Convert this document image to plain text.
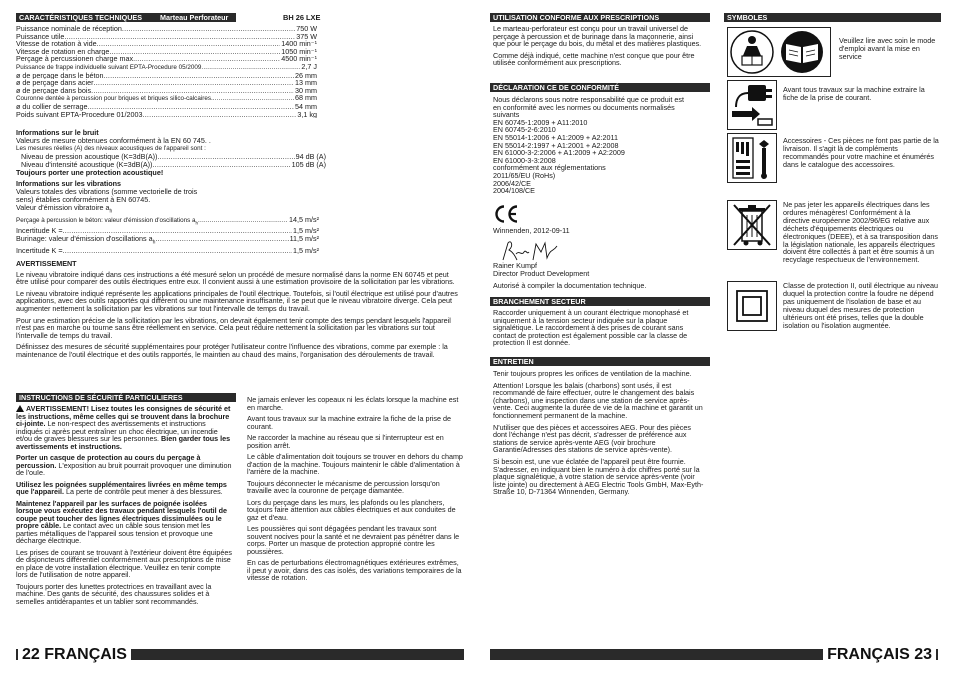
CARACTÉRISTIQUES TECHNIQUES	Marteau Perforateur	BH 26 LXE
Puissance nominale de réception .....	750 W
Puissance utile .....	375 W
Vitesse de rotation à vide .....	1400 min⁻¹
Vitesse de rotation en charge .....	1050 min⁻¹
Perçage à percussionen charge max. .....	4500 min⁻¹
Puissance de frappe individuelle suivant EPTA-Procedure 05/2009 .....	2,7 J
ø de perçage dans le béton .....	26 mm
ø de perçage dans acier .....	13 mm
ø de perçage dans bois .....	30 mm
Couronne dentée à percussion pour briques et briques silico-calcaires. .....	68 mm
ø du collier de serrage .....	54 mm
Poids suivant EPTA-Procedure 01/2003 .....	3,1 kg
Informations sur le bruit
Valeurs de mesure obtenues conformément à la EN 60 745. .
Les mesures réelles (A) des niveaux acoustiques de l'appareil sont :
Niveau de pression acoustique (K=3dB(A)) .....	94 dB (A)
Niveau d'intensité acoustique (K=3dB(A)) .....	105 dB (A)
Toujours porter une protection acoustique!
Informations sur les vibrations
Valeurs totales des vibrations (somme vectorielle de trois
sens) établies conformément à EN 60745.
Valeur d'émission vibratoire $a_h$
Perçage à percussion le béton: valeur d'émission d'oscillations $a_h$ .....	14,5 m/s²
Incertitude K = .....	1,5 m/s²
Burinage: valeur d'émission d'oscillations $a_h$ .....	11,5 m/s²
Incertitude K = .....	1,5 m/s²
AVERTISSEMENT

Le niveau vibratoire indiqué dans ces instructions a été mesuré selon un procédé de mesure normalisé dans la norme EN 60745 et peut être utilisé pour comparer des outils électriques entre eux. Il convient aussi à une estimation provisoire de la sollicitation par les vibrations.

Le niveau vibratoire indiqué représente les applications principales de l'outil électrique. Toutefois, si l'outil électrique est utilisé pour d'autres applications, avec des outils rapportés qui diffèrent ou une maintenance insuffisante, il se peut que le niveau vibratoire diverge. Cela peut augmenter nettement la sollicitation par les vibrations sur tout l'intervalle de temps du travail.

Pour une estimation précise de la sollicitation par les vibrations, on devrait également tenir compte des temps pendant lesquels l'appareil n'est pas en marche ou tourne sans être réellement en service. Cela peut réduire nettement la sollicitation par les vibrations sur tout l'intervalle de temps du travail.

Définissez des mesures de sécurité supplémentaires pour protéger l'utilisateur contre l'influence des vibrations, comme par exemple : la maintenance de l'outil électrique et des outils rapportés, le maintien au chaud des mains, l'organisation des déroulements de travail.

INSTRUCTIONS DE SÉCURITÉ PARTICULIERES

AVERTISSEMENT! Lisez toutes les consignes de sécurité et les instructions, même celles qui se trouvent dans la brochure ci-jointe. Le non-respect des avertissements et instructions indiqués ci après peut entraîner un choc électrique, un incendie et/ou de graves blessures sur les personnes. Bien garder tous les avertissements et instructions.

Porter un casque de protection au cours du perçage à percussion. L'exposition au bruit pourrait provoquer une diminution de l'ouïe.

Utilisez les poignées supplémentaires livrées en même temps que l'appareil. La perte de contrôle peut mener à des blessures.

Maintenez l'appareil par les surfaces de poignée isolées lorsque vous exécutez des travaux pendant lesquels l'outil de coupe peut toucher des lignes électriques dissimulées ou le propre câble. Le contact avec un câble sous tension met les parties métalliques de l'appareil sous tension et provoque une décharge électrique.

Les prises de courant se trouvant à l'extérieur doivent être équipées de disjoncteurs différentiel conformément aux prescriptions de mise en place de votre installation électrique. Veuillez en tenir compte lors de l'utilisation de notre appareil.

Toujours porter des lunettes protectrices en travaillant avec la machine. Des gants de sécurité, des chaussures solides et à semelles antidérapantes et un tablier sont recommandés.

Ne jamais enlever les copeaux ni les éclats lorsque la machine est en marche.

Avant tous travaux sur la machine extraire la fiche de la prise de courant.

Ne raccorder la machine au réseau que si l'interrupteur est en position arrêt.

Le câble d'alimentation doit toujours se trouver en dehors du champ d'action de la machine. Toujours maintenir le câble d'alimentation à l'arrière de la machine.

Toujours déconnecter le mécanisme de percussion lorsqu'on travaille avec la couronne de perçage diamantée.

Lors du perçage dans les murs, les plafonds ou les planchers, toujours faire attention aux câbles électriques et aux conduites de gaz et d'eau.

Les poussières qui sont dégagées pendant les travaux sont souvent nocives pour la santé et ne devraient pas pénétrer dans le corps. Porter un masque de protection approprié contre les poussières.

En cas de perturbations électromagnétiques extérieures extrêmes, il peut y avoir, dans des cas isolés, des variations temporaires de la vitesse de rotation.

22 FRANÇAIS
UTILISATION CONFORME AUX PRESCRIPTIONS

Le marteau-perforateur est conçu pour un travail universel de perçage à percussion et de burinage dans la maçonnerie, ainsi que pour le perçage du bois, du métal et des matières plastiques.

Comme déjà indiqué, cette machine n'est conçue que pour être utilisée conformément aux prescriptions.

DÉCLARATION CE DE CONFORMITÉ
Nous déclarons sous notre responsabilité que ce produit est
en conformité avec les normes ou documents normalisés
suivants
EN 60745-1:2009 + A11:2010
EN 60745-2-6:2010
EN 55014-1:2006 + A1:2009 + A2:2011
EN 55014-2:1997 + A1:2001 + A2:2008
EN 61000-3-2:2006 + A1:2009 + A2:2009
EN 61000-3-3:2008
conformément aux réglementations
2011/65/EU (RoHs)
2006/42/CE
2004/108/CE
Winnenden, 2012-09-11
Rainer Kumpf
Director Product Development
Autorisé à compiler la documentation technique.
BRANCHEMENT SECTEUR
Raccorder uniquement à un courant électrique monophasé et uniquement à la tension secteur indiquée sur la plaque signalétique. Le raccordement à des prises de courant sans contact de protection est également possible car la classe de protection II est donnée.
ENTRETIEN

Tenir toujours propres les orifices de ventilation de la machine.

Attention! Lorsque les balais (charbons) sont usés, il est recommandé de faire effectuer, outre le changement des balais (charbons), une inspection dans une station de service après-vente. Ceci augmente la durée de vie de la machine et garantit un fonctionnement permanent de la machine.

N'utiliser que des pièces et accessoires AEG. Pour des pièces dont l'échange n'est pas décrit, s'adresser de préférence aux stations de service après-vente AEG (voir brochure Garantie/Adresses des stations de service après-vente).

Si besoin est, une vue éclatée de l'appareil peut être fournie. S'adresser, en indiquant bien le numéro à dix chiffres porté sur la plaque signalétique, à votre station de service après-vente (voir liste jointe) ou directement à AEG Electric Tools GmbH, Max-Eyth-Straße 10, D-71364 Winnenden, Germany.

SYMBOLES
Veuillez lire avec soin le mode d'emploi avant la mise en service
Avant tous travaux sur la machine extraire la fiche de la prise de courant.
Accessoires - Ces pièces ne font pas partie de la livraison. Il s'agit là de compléments recommandés pour votre machine et énumérés dans le catalogue des accessoires.
Ne pas jeter les appareils électriques dans les ordures ménagères! Conformément à la directive européenne 2002/96/EG relative aux déchets d'équipements électriques ou électroniques (DEEE), et à sa transposition dans la législation nationale, les appareils électriques doivent être collectés à part et être soumis à un recyclage respectueux de l'environnement.
Classe de protection II, outil électrique au niveau duquel la protection contre la foudre ne dépend pas uniquement de l'isolation de base et au niveau duquel des mesures de protection ultérieurs ont été prises, telles que la double isolation ou l'isolation augmentée.
FRANÇAIS 23
